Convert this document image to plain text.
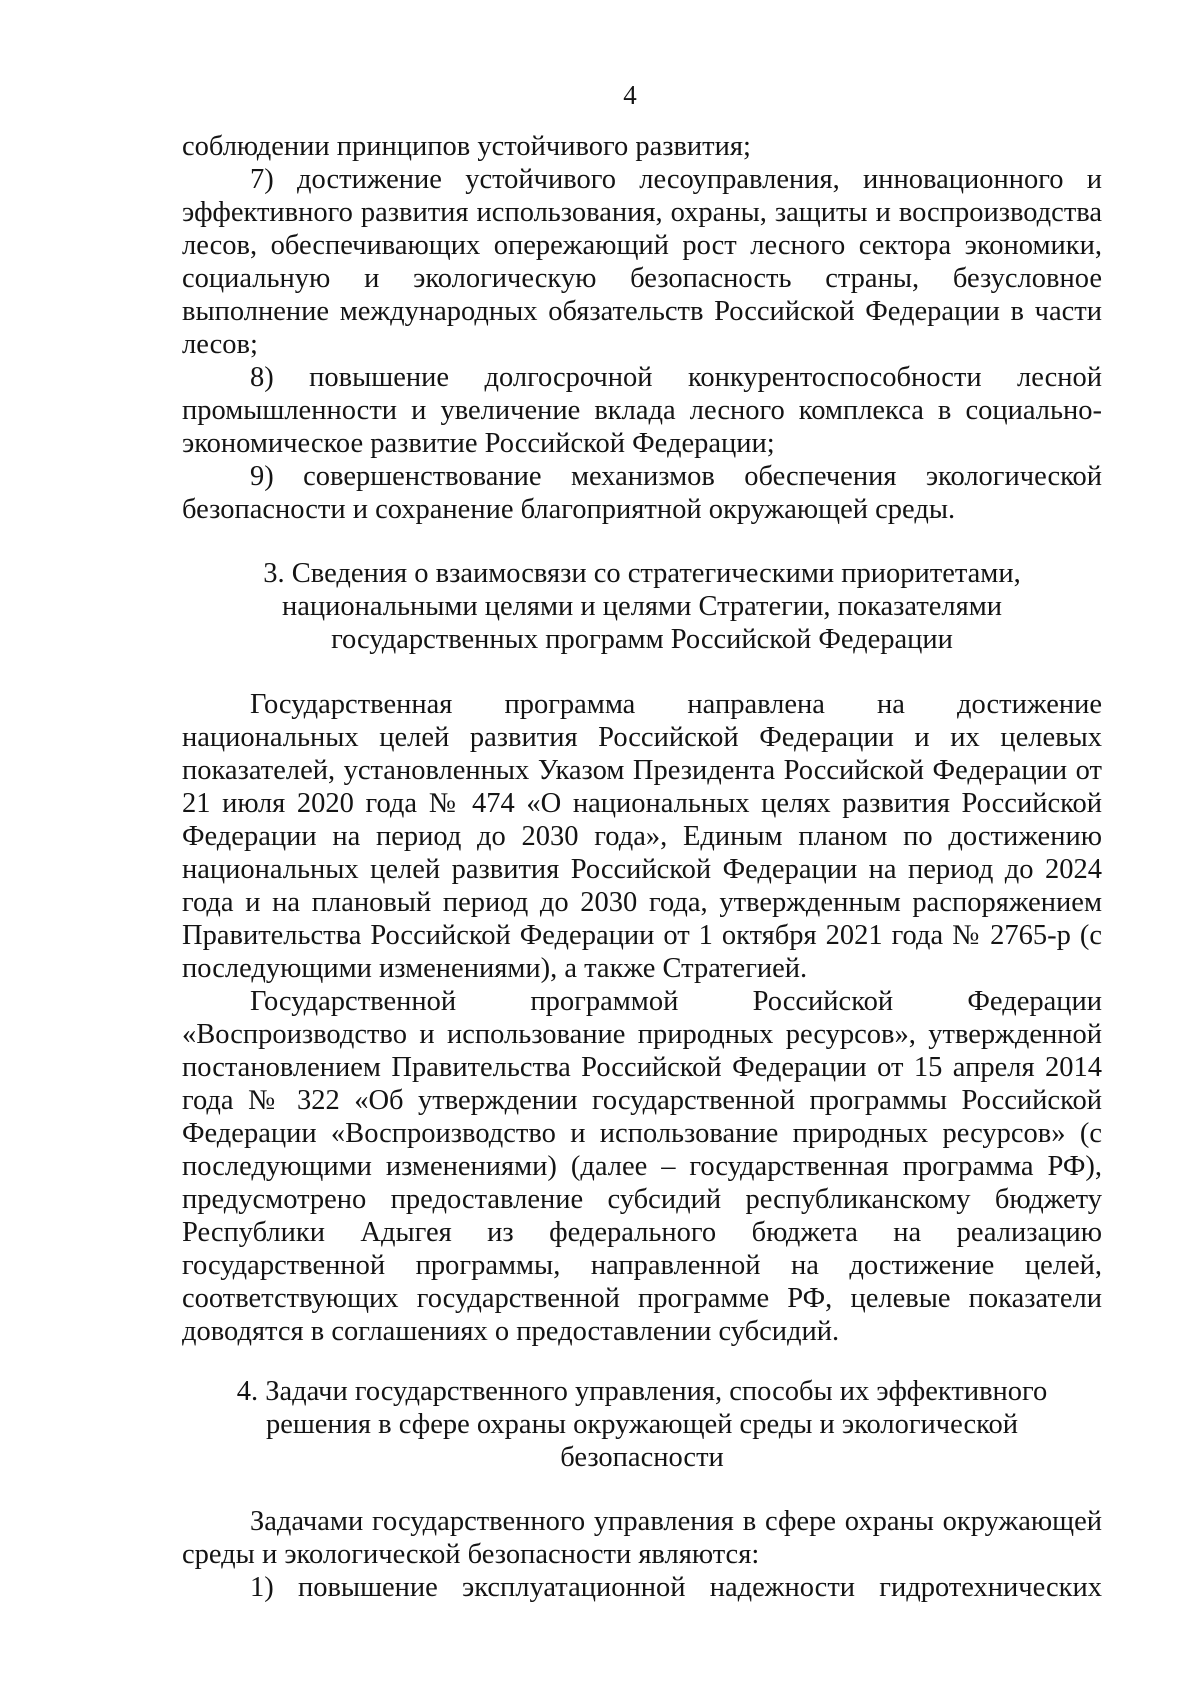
4

соблюдении принципов устойчивого развития;

7) достижение устойчивого лесоуправления, инновационного и эффективного развития использования, охраны, защиты и воспроизводства лесов, обеспечивающих опережающий рост лесного сектора экономики, социальную и экологическую безопасность страны, безусловное выполнение международных обязательств Российской Федерации в части лесов;

8) повышение долгосрочной конкурентоспособности лесной промышленности и увеличение вклада лесного комплекса в социально-экономическое развитие Российской Федерации;

9) совершенствование механизмов обеспечения экологической безопасности и сохранение благоприятной окружающей среды.

3. Сведения о взаимосвязи со стратегическими приоритетами,
национальными целями и целями Стратегии, показателями
государственных программ Российской Федерации

Государственная программа направлена на достижение национальных целей развития Российской Федерации и их целевых показателей, установленных Указом Президента Российской Федерации от 21 июля 2020 года № 474 «О национальных целях развития Российской Федерации на период до 2030 года», Единым планом по достижению национальных целей развития Российской Федерации на период до 2024 года и на плановый период до 2030 года, утвержденным распоряжением Правительства Российской Федерации от 1 октября 2021 года № 2765-р (с последующими изменениями), а также Стратегией.

Государственной программой Российской Федерации «Воспроизводство и использование природных ресурсов», утвержденной постановлением Правительства Российской Федерации от 15 апреля 2014 года № 322 «Об утверждении государственной программы Российской Федерации «Воспроизводство и использование природных ресурсов» (с последующими изменениями) (далее – государственная программа РФ), предусмотрено предоставление субсидий республиканскому бюджету Республики Адыгея из федерального бюджета на реализацию государственной программы, направленной на достижение целей, соответствующих государственной программе РФ, целевые показатели доводятся в соглашениях о предоставлении субсидий.

4. Задачи государственного управления, способы их эффективного
решения в сфере охраны окружающей среды и экологической
безопасности

Задачами государственного управления в сфере охраны окружающей среды и экологической безопасности являются:

1) повышение эксплуатационной надежности гидротехнических
